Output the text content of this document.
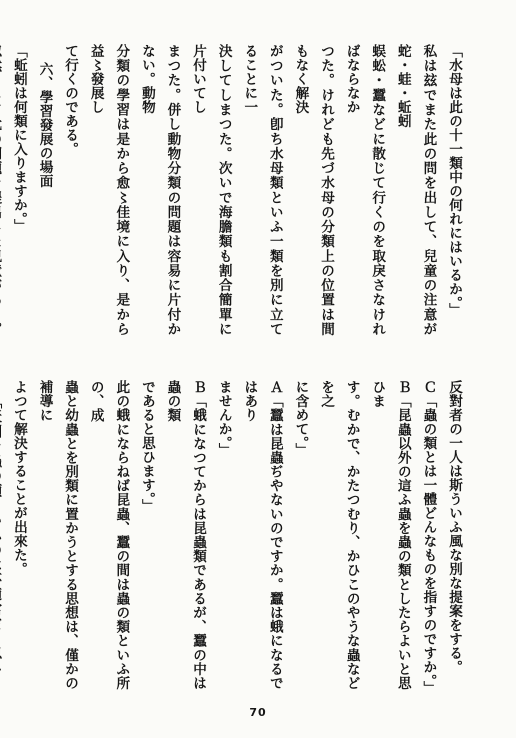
「水母は此の十一類中の何れにはいるか。」

私は玆でまた此の問を出して、兒童の注意が蛇・蛙・蚯蚓

蜈蚣・蠶などに散じて行くのを取戾さなければならなか

つた。けれども先づ水母の分類上の位置は間もなく解決

がついた。卽ち水母類といふ一類を別に立てることに一

決してしまつた。次いで海膽類も割合簡單に片付いてし

まつた。併し動物分類の問題は容易に片付かない。動物

分類の學習は是から愈〻佳境に入り、是から益〻發展し

て行くのである。

六、學習發展の場面

「蚯蚓は何類に入りますか。」

反對者の一人は斯ういふ風な別な提案をする。

Ｃ「蟲の類とは一體どんなものを指すのですか。」

Ｂ「昆蟲以外の這ふ蟲を蟲の類としたらよいと思ひま

す。むかで、かたつむり、かひこのやうな蟲などを之

に含めて。」

Ａ「蠶は昆蟲ぢやないのですか。蠶は蛾になるではあり

ませんか。」

Ｂ「蛾になつてからは昆蟲類であるが、蠶の中は蟲の類

であると思ひます。」

此の蛾にならねば昆蟲、蠶の間は蟲の類といふ所の、成

蟲と幼蟲とを別類に置かうとする思想は、僅かの補導に

よつて解決することが出來た。

70
